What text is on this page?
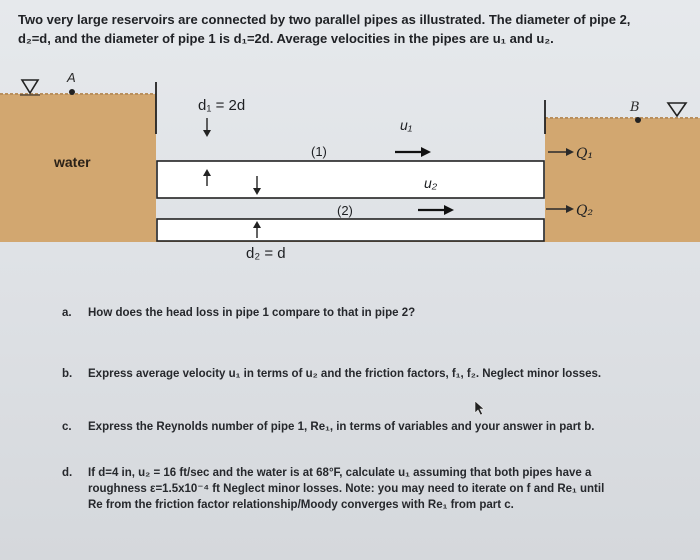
Two very large reservoirs are connected by two parallel pipes as illustrated. The diameter of pipe 2,
d₂=d, and the diameter of pipe 1 is d₁=2d. Average velocities in the pipes are u₁ and u₂.
A
B
water
d₁ = 2d
d₂ = d
(1)
(2)
u₁
u₂
Q₁
Q₂
a. How does the head loss in pipe 1 compare to that in pipe 2?
b. Express average velocity u₁ in terms of u₂ and the friction factors, f₁, f₂. Neglect minor losses.
c. Express the Reynolds number of pipe 1, Re₁, in terms of variables and your answer in part b.
d. If d=4 in, u₂ = 16 ft/sec and the water is at 68°F, calculate u₁ assuming that both pipes have a
roughness ε=1.5x10⁻⁴ ft Neglect minor losses. Note: you may need to iterate on f and Re₁ until
Re from the friction factor relationship/Moody converges with Re₁ from part c.
